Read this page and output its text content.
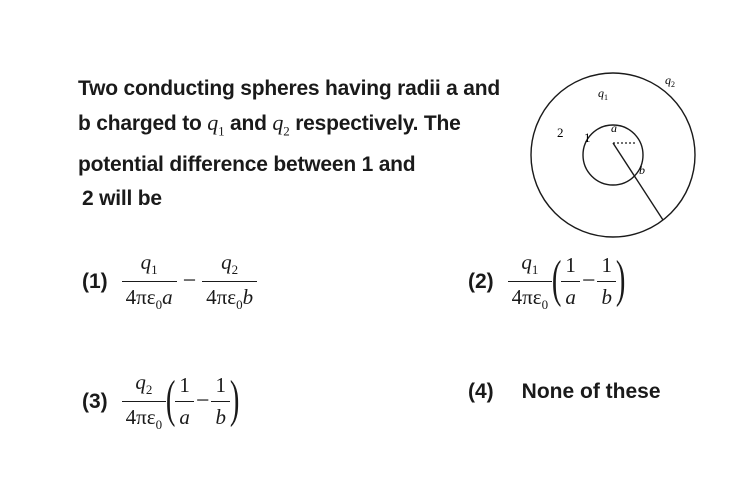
Two conducting spheres having radii a and
b charged to $q_1$ and $q_2$ respectively. The
potential difference between 1 and
2 will be
$q_1$
$q_2$
a
b
1
2
$(1) \frac{q_1}{4\pi\varepsilon_0a} - \frac{q_2}{4\pi\varepsilon_0b}$	$(2) \frac{q_1}{4\pi\varepsilon_0}$ ( $\frac{1}{a} - \frac{1}{b}$ )
$(3) \frac{q_2}{4\pi\varepsilon_0}$ ( $\frac{1}{a} - \frac{1}{b}$ )	(4) None of these
